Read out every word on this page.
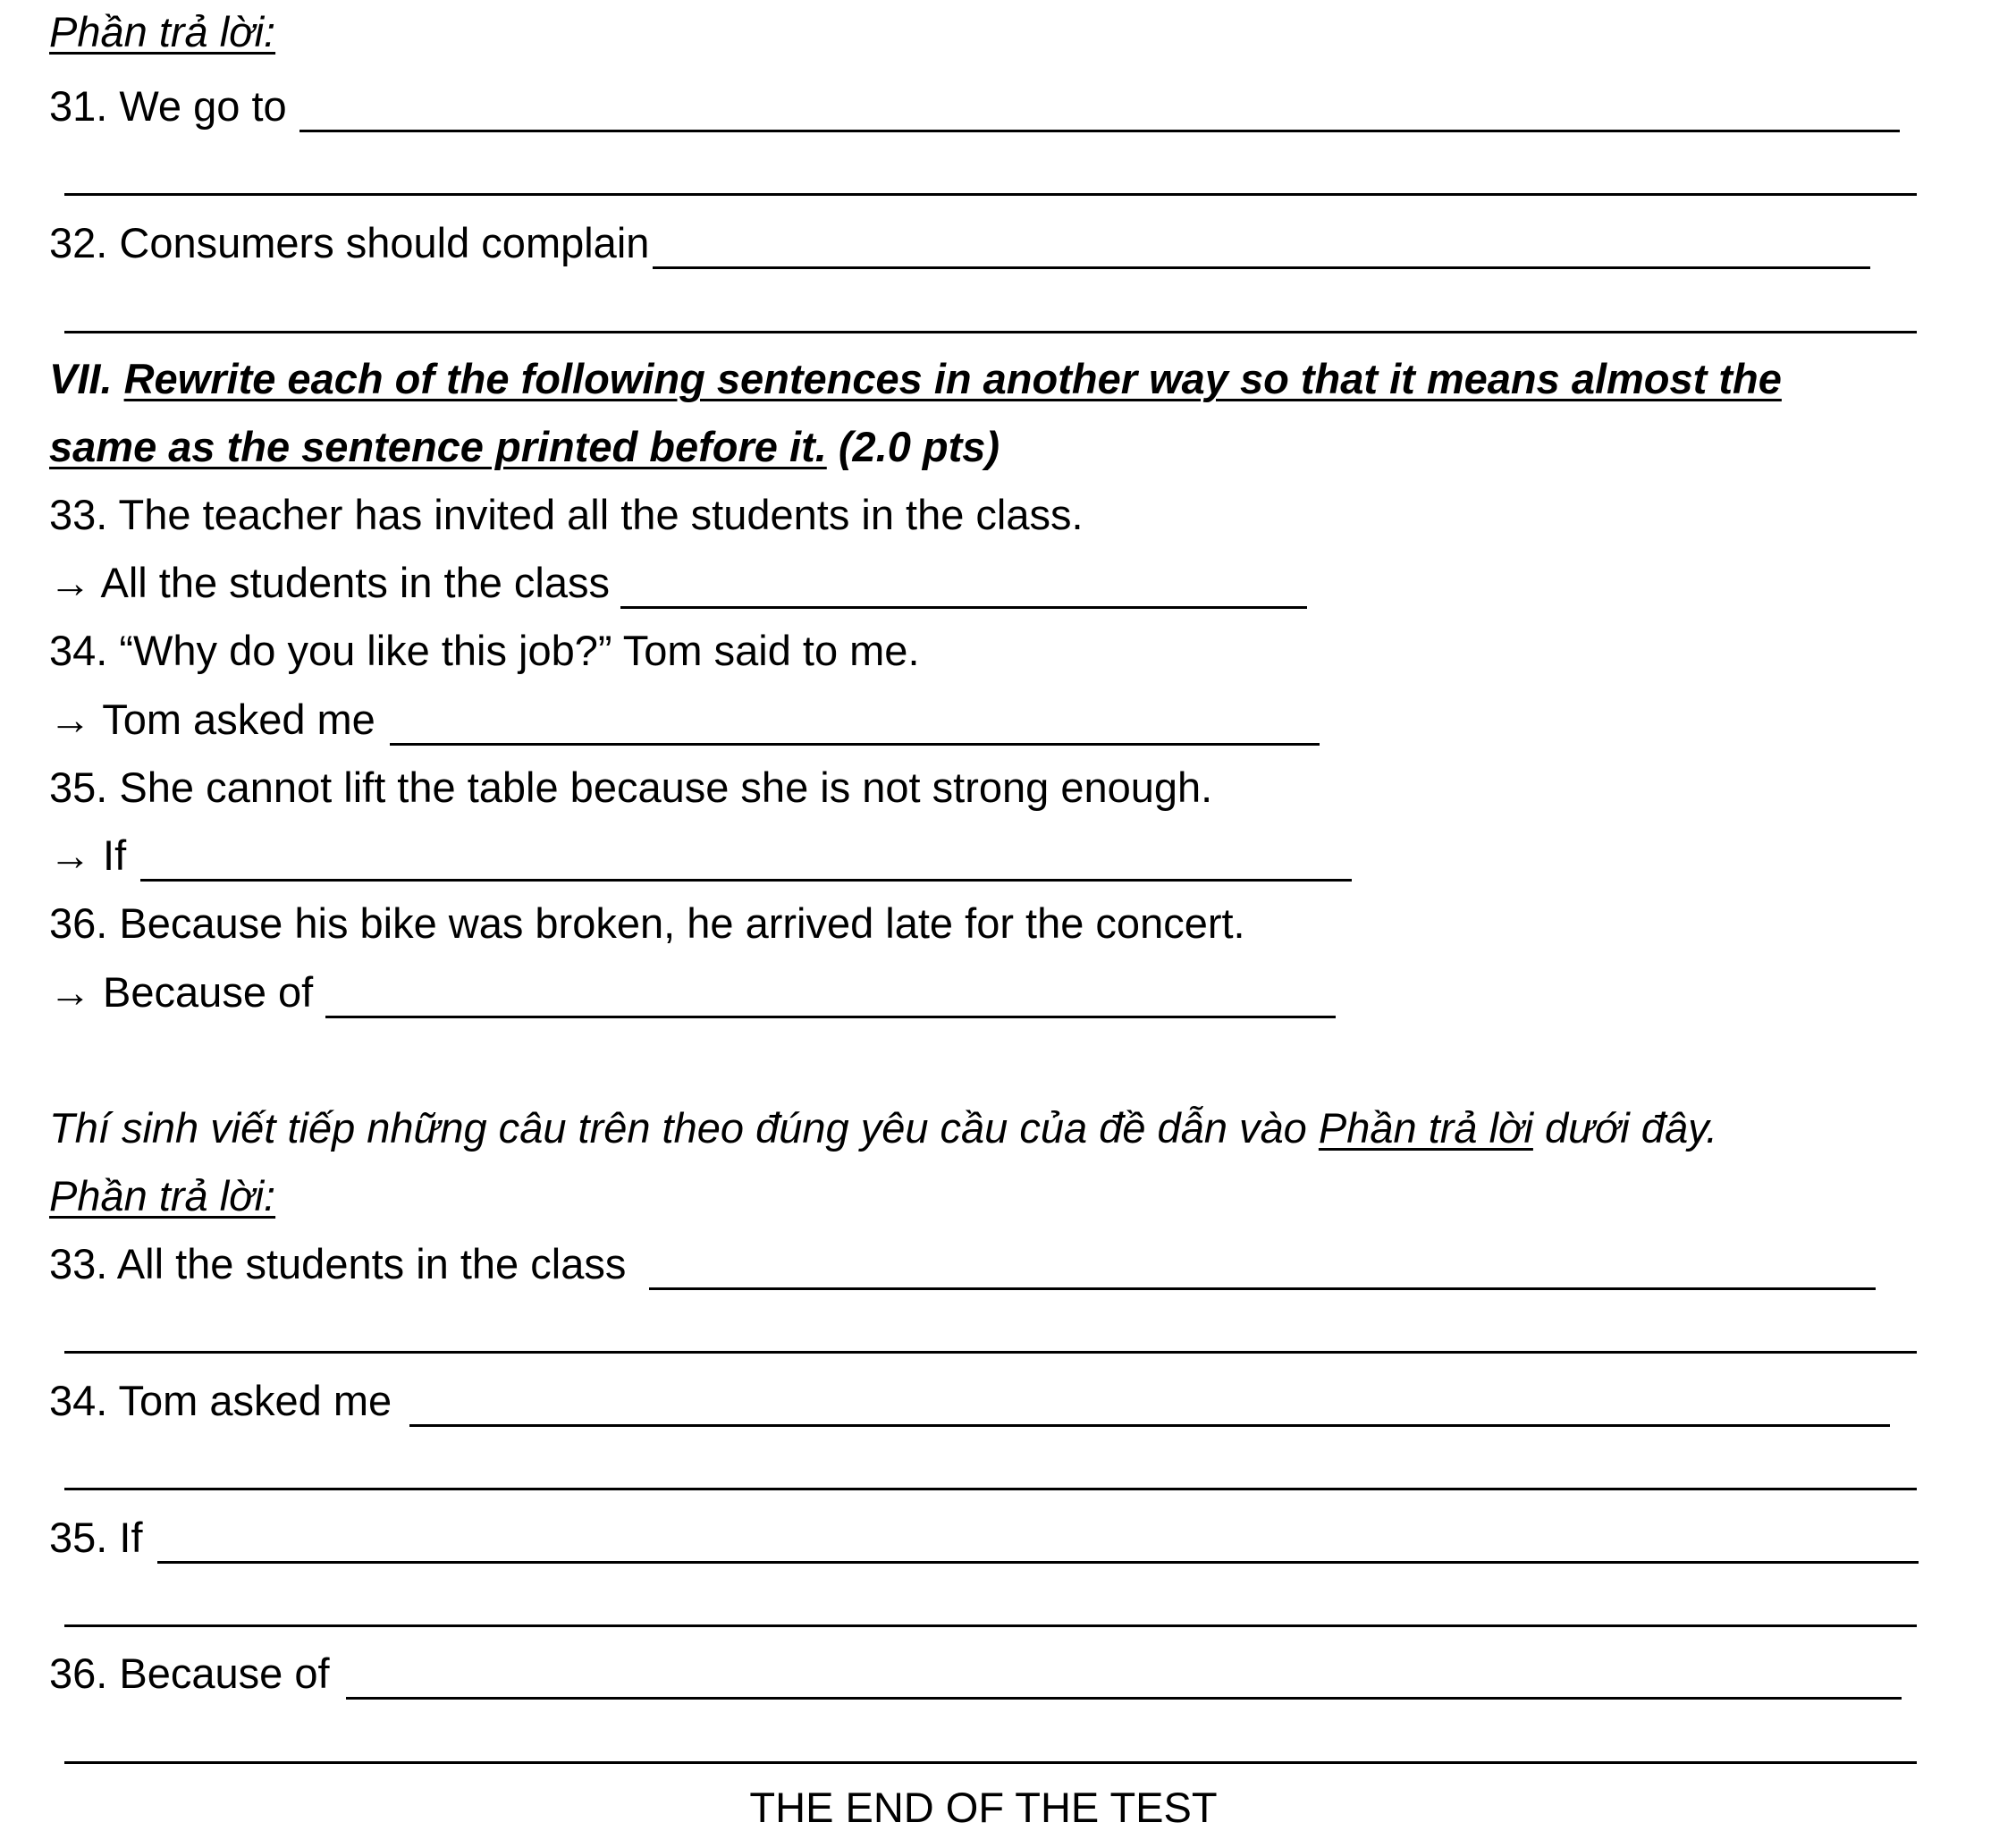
Phần trả lời:
31. We go to
32. Consumers should complain
VII. Rewrite each of the following sentences in another way so that it means almost the
same as the sentence printed before it. (2.0 pts)
33. The teacher has invited all the students in the class.
→ All the students in the class
34. “Why do you like this job?” Tom said to me.
→ Tom asked me
35. She cannot lift the table because she is not strong enough.
→ If
36. Because his bike was broken, he arrived late for the concert.
→ Because of
Thí sinh viết tiếp những câu trên theo đúng yêu cầu của đề dẫn vào Phần trả lời dưới đây.
Phần trả lời:
33. All the students in the class
34. Tom asked me
35. If
36. Because of
THE END OF THE TEST
